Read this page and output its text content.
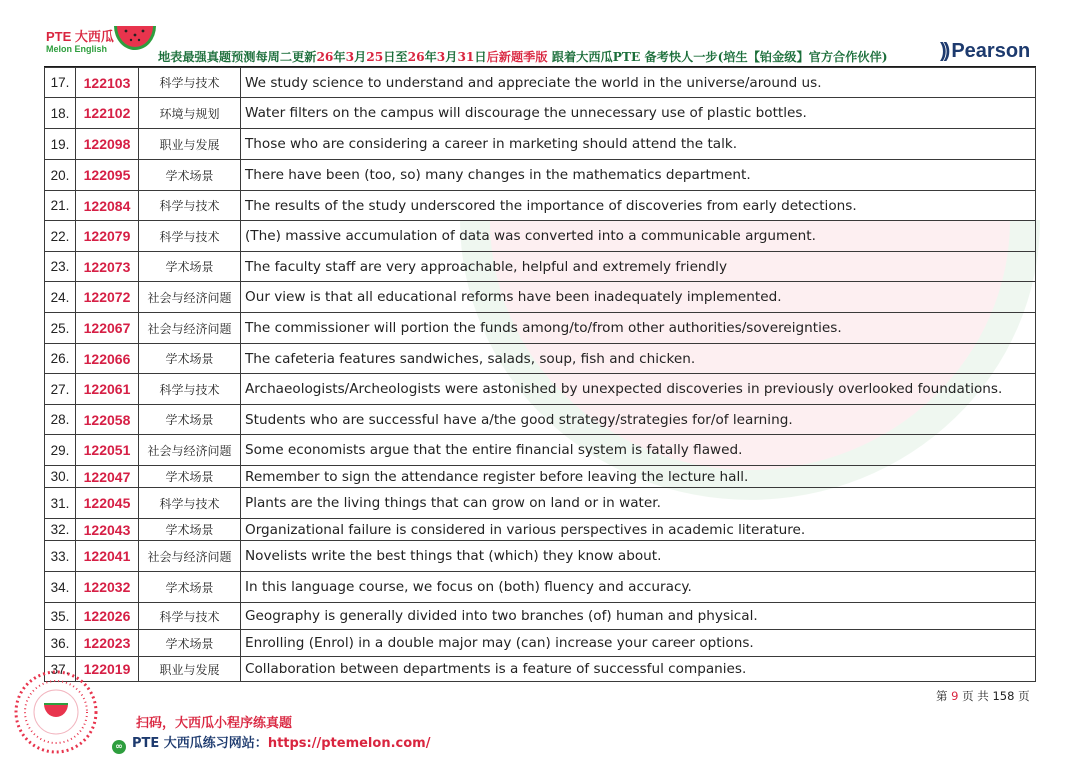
PTE 大西瓜
Melon English
地表最强真题预测每周二更新26年3月25日至26年3月31日后新题季版 跟着大西瓜PTE 备考快人一步(培生【铂金级】官方合作伙伴)	)) Pearson
17.	122103	科学与技术	We study science to understand and appreciate the world in the universe/around us.
18.	122102	环境与规划	Water filters on the campus will discourage the unnecessary use of plastic bottles.
19.	122098	职业与发展	Those who are considering a career in marketing should attend the talk.
20.	122095	学术场景	There have been (too, so) many changes in the mathematics department.
21.	122084	科学与技术	The results of the study underscored the importance of discoveries from early detections.
22.	122079	科学与技术	(The) massive accumulation of data was converted into a communicable argument.
23.	122073	学术场景	The faculty staff are very approachable, helpful and extremely friendly
24.	122072	社会与经济问题	Our view is that all educational reforms have been inadequately implemented.
25.	122067	社会与经济问题	The commissioner will portion the funds among/to/from other authorities/sovereignties.
26.	122066	学术场景	The cafeteria features sandwiches, salads, soup, fish and chicken.
27.	122061	科学与技术	Archaeologists/Archeologists were astonished by unexpected discoveries in previously overlooked foundations.
28.	122058	学术场景	Students who are successful have a/the good strategy/strategies for/of learning.
29.	122051	社会与经济问题	Some economists argue that the entire financial system is fatally flawed.
30.	122047	学术场景	Remember to sign the attendance register before leaving the lecture hall.
31.	122045	科学与技术	Plants are the living things that can grow on land or in water.
32.	122043	学术场景	Organizational failure is considered in various perspectives in academic literature.
33.	122041	社会与经济问题	Novelists write the best things that (which) they know about.
34.	122032	学术场景	In this language course, we focus on (both) fluency and accuracy.
35.	122026	科学与技术	Geography is generally divided into two branches (of) human and physical.
36.	122023	学术场景	Enrolling (Enrol) in a double major may (can) increase your career options.
37.	122019	职业与发展	Collaboration between departments is a feature of successful companies.
第 9 页 共 158 页
扫码，大西瓜小程序练真题
∞ PTE 大西瓜练习网站：https://ptemelon.com/
